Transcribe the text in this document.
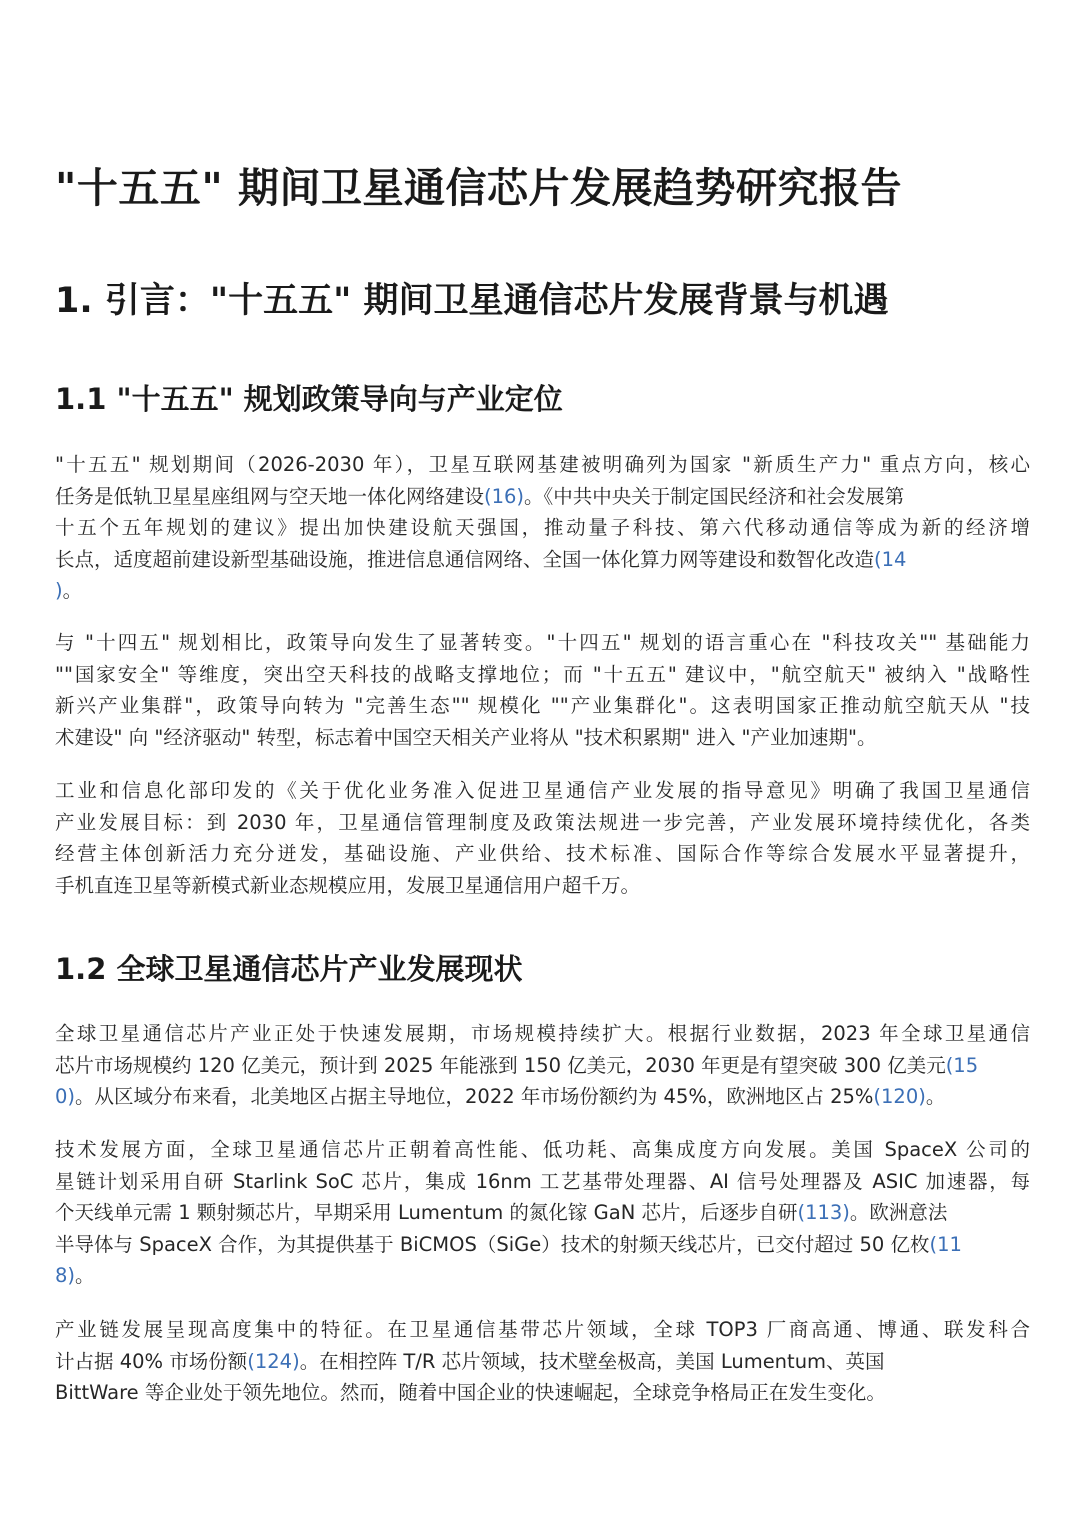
"十五五" 期间卫星通信芯片发展趋势研究报告
1. 引言："十五五" 期间卫星通信芯片发展背景与机遇
1.1 "十五五" 规划政策导向与产业定位
"十五五" 规划期间（2026-2030 年），卫星互联网基建被明确列为国家 "新质生产力" 重点方向，核心
任务是低轨卫星星座组网与空天地一体化网络建设(16)。《中共中央关于制定国民经济和社会发展第
十五个五年规划的建议》提出加快建设航天强国，推动量子科技、第六代移动通信等成为新的经济增
长点，适度超前建设新型基础设施，推进信息通信网络、全国一体化算力网等建设和数智化改造(14
)。
与 "十四五" 规划相比，政策导向发生了显著转变。"十四五" 规划的语言重心在 "科技攻关"" 基础能力
""国家安全" 等维度，突出空天科技的战略支撑地位；而 "十五五" 建议中，"航空航天" 被纳入 "战略性
新兴产业集群"，政策导向转为 "完善生态"" 规模化 ""产业集群化"。这表明国家正推动航空航天从 "技
术建设" 向 "经济驱动" 转型，标志着中国空天相关产业将从 "技术积累期" 进入 "产业加速期"。
工业和信息化部印发的《关于优化业务准入促进卫星通信产业发展的指导意见》明确了我国卫星通信
产业发展目标：到 2030 年，卫星通信管理制度及政策法规进一步完善，产业发展环境持续优化，各类
经营主体创新活力充分迸发，基础设施、产业供给、技术标准、国际合作等综合发展水平显著提升，
手机直连卫星等新模式新业态规模应用，发展卫星通信用户超千万。
1.2 全球卫星通信芯片产业发展现状
全球卫星通信芯片产业正处于快速发展期，市场规模持续扩大。根据行业数据，2023 年全球卫星通信
芯片市场规模约 120 亿美元，预计到 2025 年能涨到 150 亿美元，2030 年更是有望突破 300 亿美元(15
0)。从区域分布来看，北美地区占据主导地位，2022 年市场份额约为 45%，欧洲地区占 25%(120)。
技术发展方面，全球卫星通信芯片正朝着高性能、低功耗、高集成度方向发展。美国 SpaceX 公司的
星链计划采用自研 Starlink SoC 芯片，集成 16nm 工艺基带处理器、AI 信号处理器及 ASIC 加速器，每
个天线单元需 1 颗射频芯片，早期采用 Lumentum 的氮化镓 GaN 芯片，后逐步自研(113)。欧洲意法
半导体与 SpaceX 合作，为其提供基于 BiCMOS（SiGe）技术的射频天线芯片，已交付超过 50 亿枚(11
8)。
产业链发展呈现高度集中的特征。在卫星通信基带芯片领域，全球 TOP3 厂商高通、博通、联发科合
计占据 40% 市场份额(124)。在相控阵 T/R 芯片领域，技术壁垒极高，美国 Lumentum、英国
BittWare 等企业处于领先地位。然而，随着中国企业的快速崛起，全球竞争格局正在发生变化。
